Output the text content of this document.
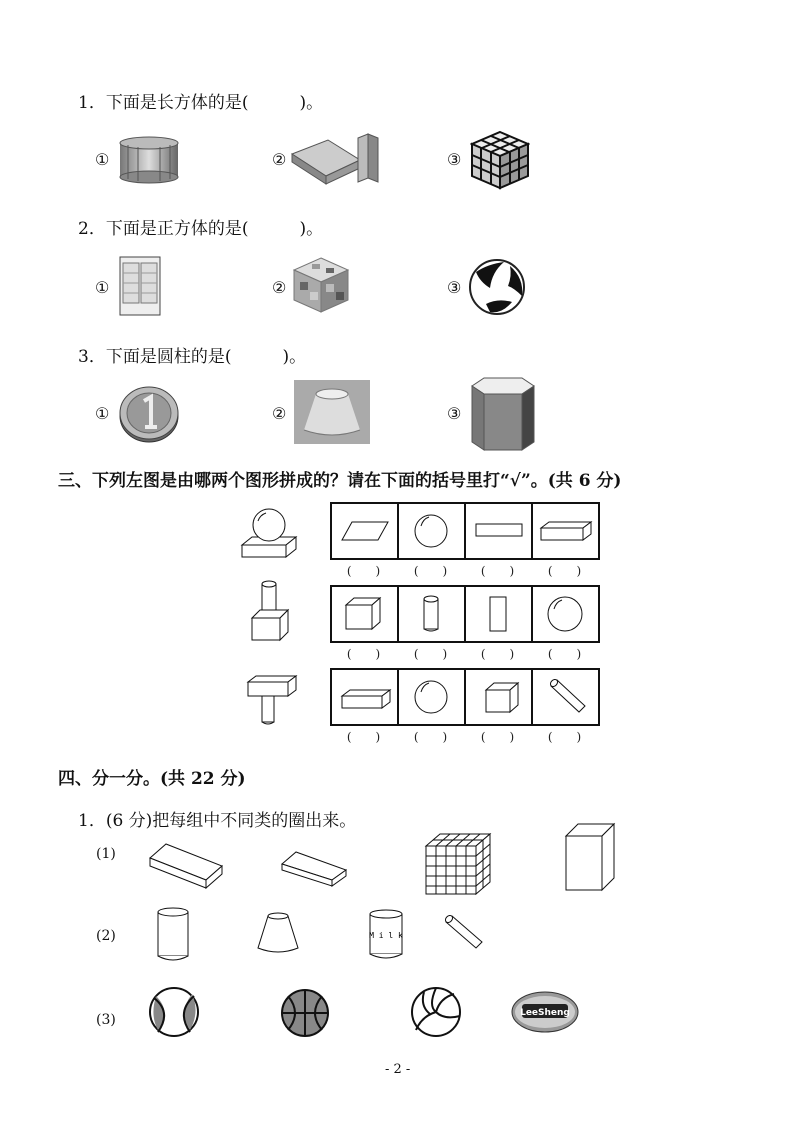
1．下面是长方体的是(　　　)。
①	②	③
2．下面是正方体的是(　　　)。
①	②	③
3．下面是圆柱的是(　　　)。
①	②	③
三、下列左图是由哪两个图形拼成的？请在下面的括号里打“√”。(共 6 分)
(　　)	(　　)	(　　)	(　　)
(　　)	(　　)	(　　)	(　　)
(　　)	(　　)	(　　)	(　　)
四、分一分。(共 22 分)
1．(6 分)把每组中不同类的圈出来。
(1)
(2)	M i l k
(3)	LeeSheng
- 2 -
